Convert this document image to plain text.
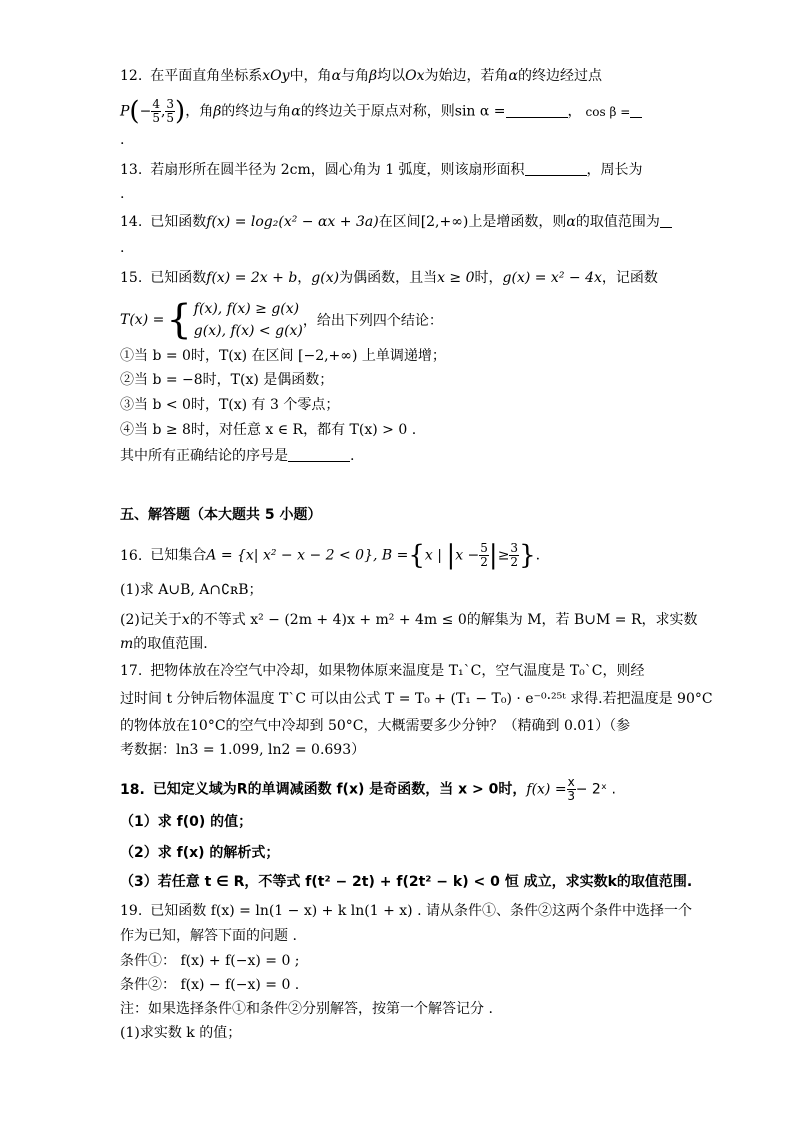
12. 在平面直角坐标系xOy中，角α与角β均以Ox为始边，若角α的终边经过点
$P(- \frac{4}{5}$ , $\frac{3}{5}$ )，角β的终边与角α的终边关于原点对称，则sin α =	， cos β =
.
13. 若扇形所在圆半径为 2cm，圆心角为 1 弧度，则该扇形面积	，周长为
.
14. 已知函数f(x) = log₂(x² − αx + 3a)在区间[2,+∞)上是增函数，则α的取值范围为
.
15. 已知函数f(x) = 2x + b，g(x)为偶函数，且当x ≥ 0时，g(x) = x² − 4x，记函数
T(x) = { f(x), f(x) ≥ g(x)
g(x), f(x) < g(x)
，给出下列四个结论：
①当 b = 0时，T(x) 在区间 [−2,+∞) 上单调递增；
②当 b = −8时，T(x) 是偶函数；
③当 b < 0时，T(x) 有 3 个零点；
④当 b ≥ 8时，对任意 x ∈ R，都有 T(x) > 0 .
其中所有正确结论的序号是	.
五、解答题（本大题共 5 小题）
16. 已知集合A = {x| x² − x − 2 < 0}, B ={x | $|x - \frac{5}{2}$ |≥ $\frac{3}{2}$ }.
(1)求 A∪B, A∩∁ʀB；
(2)记关于x的不等式 x² − (2m + 4)x + m² + 4m ≤ 0的解集为 M，若 B∪M = R，求实数
m的取值范围.
17. 把物体放在冷空气中冷却，如果物体原来温度是 T₁`C，空气温度是 T₀`C，则经
过时间 t 分钟后物体温度 T`C 可以由公式 T = T₀ + (T₁ − T₀) · e⁻⁰·²⁵ᵗ 求得.若把温度是 90°C
的物体放在10°C的空气中冷却到 50°C，大概需要多少分钟？（精确到 0.01）（参
考数据：ln3 = 1.099, ln2 = 0.693）
18. 已知定义域为R的单调减函数 f(x) 是奇函数，当 x > 0时，$f(x) = \frac{x}{3}$ − 2ˣ .
（1）求 f(0) 的值；
（2）求 f(x) 的解析式；
（3）若任意 t ∈ R，不等式 f(t² − 2t) + f(2t² − k) < 0 恒 成立，求实数k的取值范围.
19. 已知函数 f(x) = ln(1 − x) + k ln(1 + x) . 请从条件①、条件②这两个条件中选择一个
作为已知，解答下面的问题 .
条件①： f(x) + f(−x) = 0 ;
条件②： f(x) − f(−x) = 0 .
注：如果选择条件①和条件②分别解答，按第一个解答记分 .
(1)求实数 k 的值；
